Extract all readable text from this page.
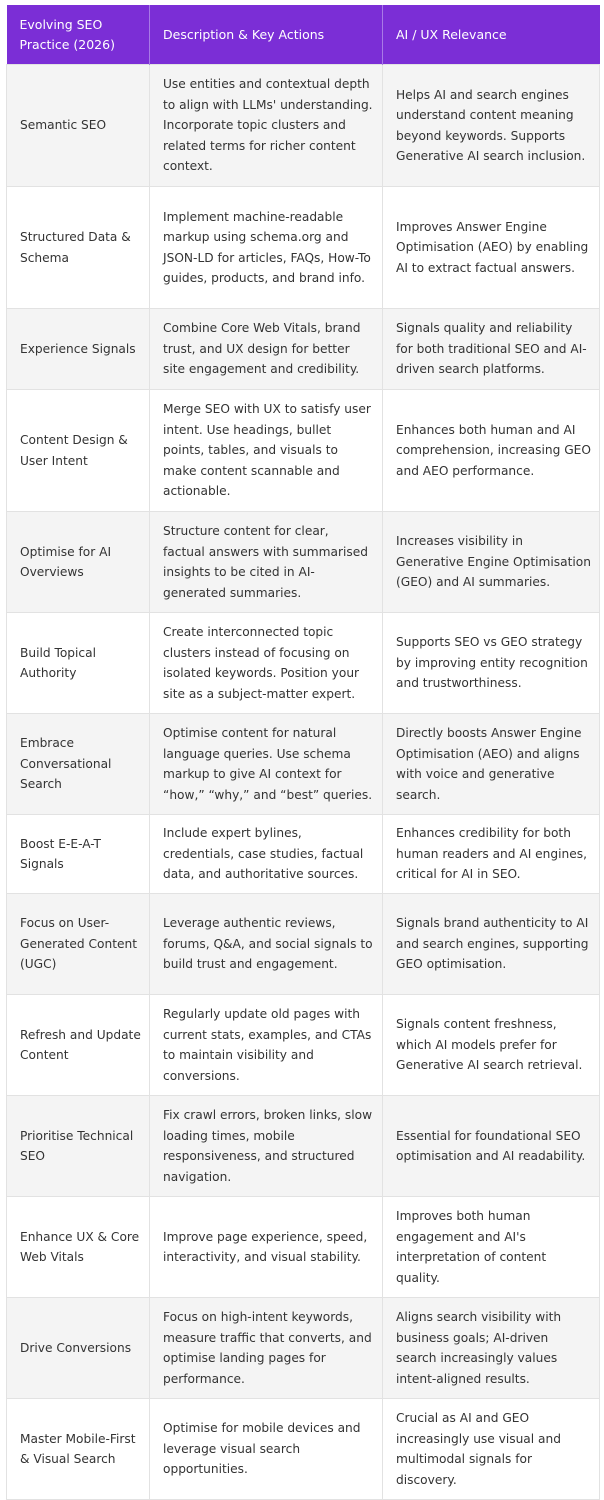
Evolving SEO Practice (2026)	Description & Key Actions	AI / UX Relevance
Semantic SEO	Use entities and contextual depth to align with LLMs' understanding. Incorporate topic clusters and related terms for richer content context.	Helps AI and search engines understand content meaning beyond keywords. Supports Generative AI search inclusion.
Structured Data & Schema	Implement machine-readable markup using schema.org and JSON-LD for articles, FAQs, How-To guides, products, and brand info.	Improves Answer Engine Optimisation (AEO) by enabling AI to extract factual answers.
Experience Signals	Combine Core Web Vitals, brand trust, and UX design for better site engagement and credibility.	Signals quality and reliability for both traditional SEO and AI-driven search platforms.
Content Design & User Intent	Merge SEO with UX to satisfy user intent. Use headings, bullet points, tables, and visuals to make content scannable and actionable.	Enhances both human and AI comprehension, increasing GEO and AEO performance.
Optimise for AI Overviews	Structure content for clear, factual answers with summarised insights to be cited in AI-generated summaries.	Increases visibility in Generative Engine Optimisation (GEO) and AI summaries.
Build Topical Authority	Create interconnected topic clusters instead of focusing on isolated keywords. Position your site as a subject-matter expert.	Supports SEO vs GEO strategy by improving entity recognition and trustworthiness.
Embrace Conversational Search	Optimise content for natural language queries. Use schema markup to give AI context for “how,” “why,” and “best” queries.	Directly boosts Answer Engine Optimisation (AEO) and aligns with voice and generative search.
Boost E-E-A-T Signals	Include expert bylines, credentials, case studies, factual data, and authoritative sources.	Enhances credibility for both human readers and AI engines, critical for AI in SEO.
Focus on User-Generated Content (UGC)	Leverage authentic reviews, forums, Q&A, and social signals to build trust and engagement.	Signals brand authenticity to AI and search engines, supporting GEO optimisation.
Refresh and Update Content	Regularly update old pages with current stats, examples, and CTAs to maintain visibility and conversions.	Signals content freshness, which AI models prefer for Generative AI search retrieval.
Prioritise Technical SEO	Fix crawl errors, broken links, slow loading times, mobile responsiveness, and structured navigation.	Essential for foundational SEO optimisation and AI readability.
Enhance UX & Core Web Vitals	Improve page experience, speed, interactivity, and visual stability.	Improves both human engagement and AI's interpretation of content quality.
Drive Conversions	Focus on high-intent keywords, measure traffic that converts, and optimise landing pages for performance.	Aligns search visibility with business goals; AI-driven search increasingly values intent-aligned results.
Master Mobile-First & Visual Search	Optimise for mobile devices and leverage visual search opportunities.	Crucial as AI and GEO increasingly use visual and multimodal signals for discovery.
